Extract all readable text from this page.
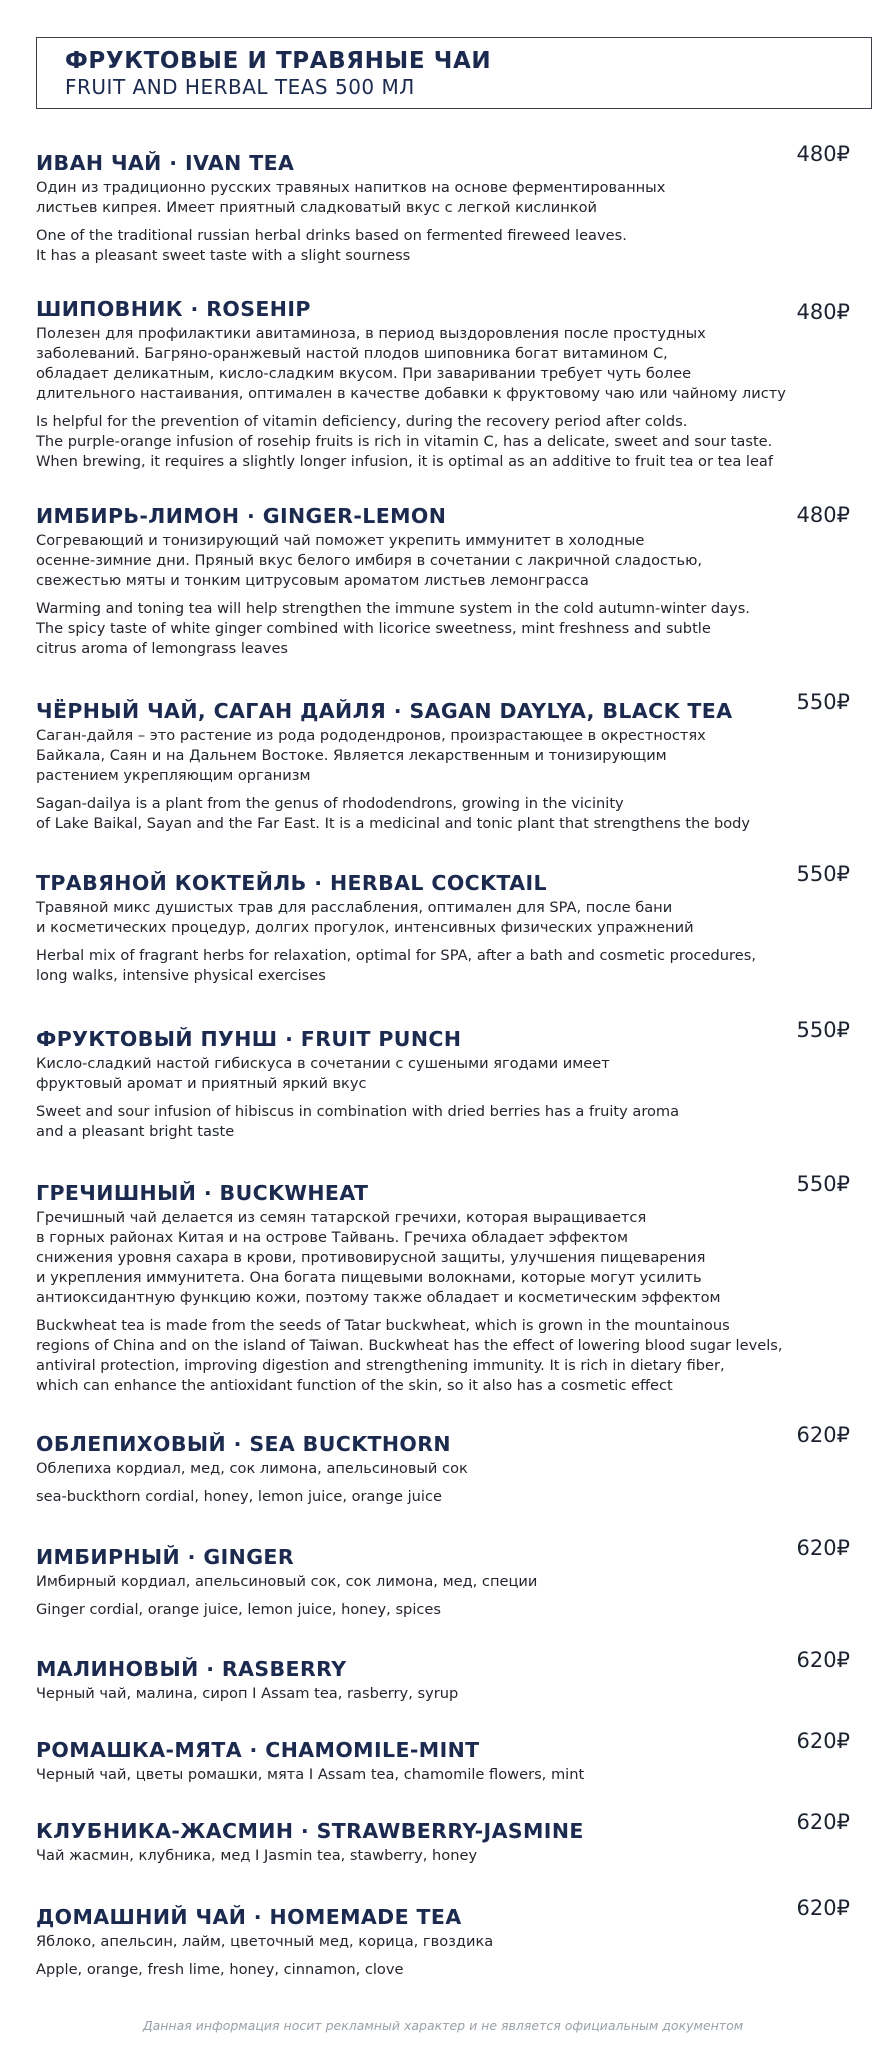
ФРУКТОВЫЕ И ТРАВЯНЫЕ ЧАИ
FRUIT AND HERBAL TEAS 500 МЛ
ИВАН ЧАЙ · IVAN TEA	480₽
Один из традиционно русских травяных напитков на основе ферментированных
листьев кипрея. Имеет приятный сладковатый вкус с легкой кислинкой
One of the traditional russian herbal drinks based on fermented fireweed leaves.
It has a pleasant sweet taste with a slight sourness
ШИПОВНИК · ROSEHIP	480₽
Полезен для профилактики авитаминоза, в период выздоровления после простудных
заболеваний. Багряно-оранжевый настой плодов шиповника богат витамином С,
обладает деликатным, кисло-сладким вкусом. При заваривании требует чуть более
длительного настаивания, оптимален в качестве добавки к фруктовому чаю или чайному листу
Is helpful for the prevention of vitamin deficiency, during the recovery period after colds.
The purple-orange infusion of rosehip fruits is rich in vitamin C, has a delicate, sweet and sour taste.
When brewing, it requires a slightly longer infusion, it is optimal as an additive to fruit tea or tea leaf
ИМБИРЬ-ЛИМОН · GINGER-LEMON	480₽
Согревающий и тонизирующий чай поможет укрепить иммунитет в холодные
осенне-зимние дни. Пряный вкус белого имбиря в сочетании с лакричной сладостью,
свежестью мяты и тонким цитрусовым ароматом листьев лемонграсса
Warming and toning tea will help strengthen the immune system in the cold autumn-winter days.
The spicy taste of white ginger combined with licorice sweetness, mint freshness and subtle
citrus aroma of lemongrass leaves
ЧЁРНЫЙ ЧАЙ, САГАН ДАЙЛЯ · SAGAN DAYLYA, BLACK TEA	550₽
Саган-дайля – это растение из рода рододендронов, произрастающее в окрестностях
Байкала, Саян и на Дальнем Востоке. Является лекарственным и тонизирующим
растением укрепляющим организм
Sagan-dailya is a plant from the genus of rhododendrons, growing in the vicinity
of Lake Baikal, Sayan and the Far East. It is a medicinal and tonic plant that strengthens the body
ТРАВЯНОЙ КОКТЕЙЛЬ · HERBAL COCKTAIL	550₽
Травяной микс душистых трав для расслабления, оптимален для SPA, после бани
и косметических процедур, долгих прогулок, интенсивных физических упражнений
Herbal mix of fragrant herbs for relaxation, optimal for SPA, after a bath and cosmetic procedures,
long walks, intensive physical exercises
ФРУКТОВЫЙ ПУНШ · FRUIT PUNCH	550₽
Кисло-сладкий настой гибискуса в сочетании с сушеными ягодами имеет
фруктовый аромат и приятный яркий вкус
Sweet and sour infusion of hibiscus in combination with dried berries has a fruity aroma
and a pleasant bright taste
ГРЕЧИШНЫЙ · BUCKWHEAT	550₽
Гречишный чай делается из семян татарской гречихи, которая выращивается
в горных районах Китая и на острове Тайвань. Гречиха обладает эффектом
снижения уровня сахара в крови, противовирусной защиты, улучшения пищеварения
и укрепления иммунитета. Она богата пищевыми волокнами, которые могут усилить
антиоксидантную функцию кожи, поэтому также обладает и косметическим эффектом
Buckwheat tea is made from the seeds of Tatar buckwheat, which is grown in the mountainous
regions of China and on the island of Taiwan. Buckwheat has the effect of lowering blood sugar levels,
antiviral protection, improving digestion and strengthening immunity. It is rich in dietary fiber,
which can enhance the antioxidant function of the skin, so it also has a cosmetic effect
ОБЛЕПИХОВЫЙ · SEA BUCKTHORN	620₽
Облепиха кордиал, мед, сок лимона, апельсиновый сок
sea-buckthorn cordial, honey, lemon juice, orange juice
ИМБИРНЫЙ · GINGER	620₽
Имбирный кордиал, апельсиновый сок, сок лимона, мед, специи
Ginger cordial, orange juice, lemon juice, honey, spices
МАЛИНОВЫЙ · RASBERRY	620₽
Черный чай, малина, сироп I Assam tea, rasberry, syrup
РОМАШКА-МЯТА · CHAMOMILE-MINT	620₽
Черный чай, цветы ромашки, мята I Assam tea, chamomile flowers, mint
КЛУБНИКА-ЖАСМИН · STRAWBERRY-JASMINE	620₽
Чай жасмин, клубника, мед I Jasmin tea, stawberry, honey
ДОМАШНИЙ ЧАЙ · HOMEMADE TEA	620₽
Яблоко, апельсин, лайм, цветочный мед, корица, гвоздика
Apple, orange, fresh lime, honey, cinnamon, clove
Данная информация носит рекламный характер и не является официальным документом
